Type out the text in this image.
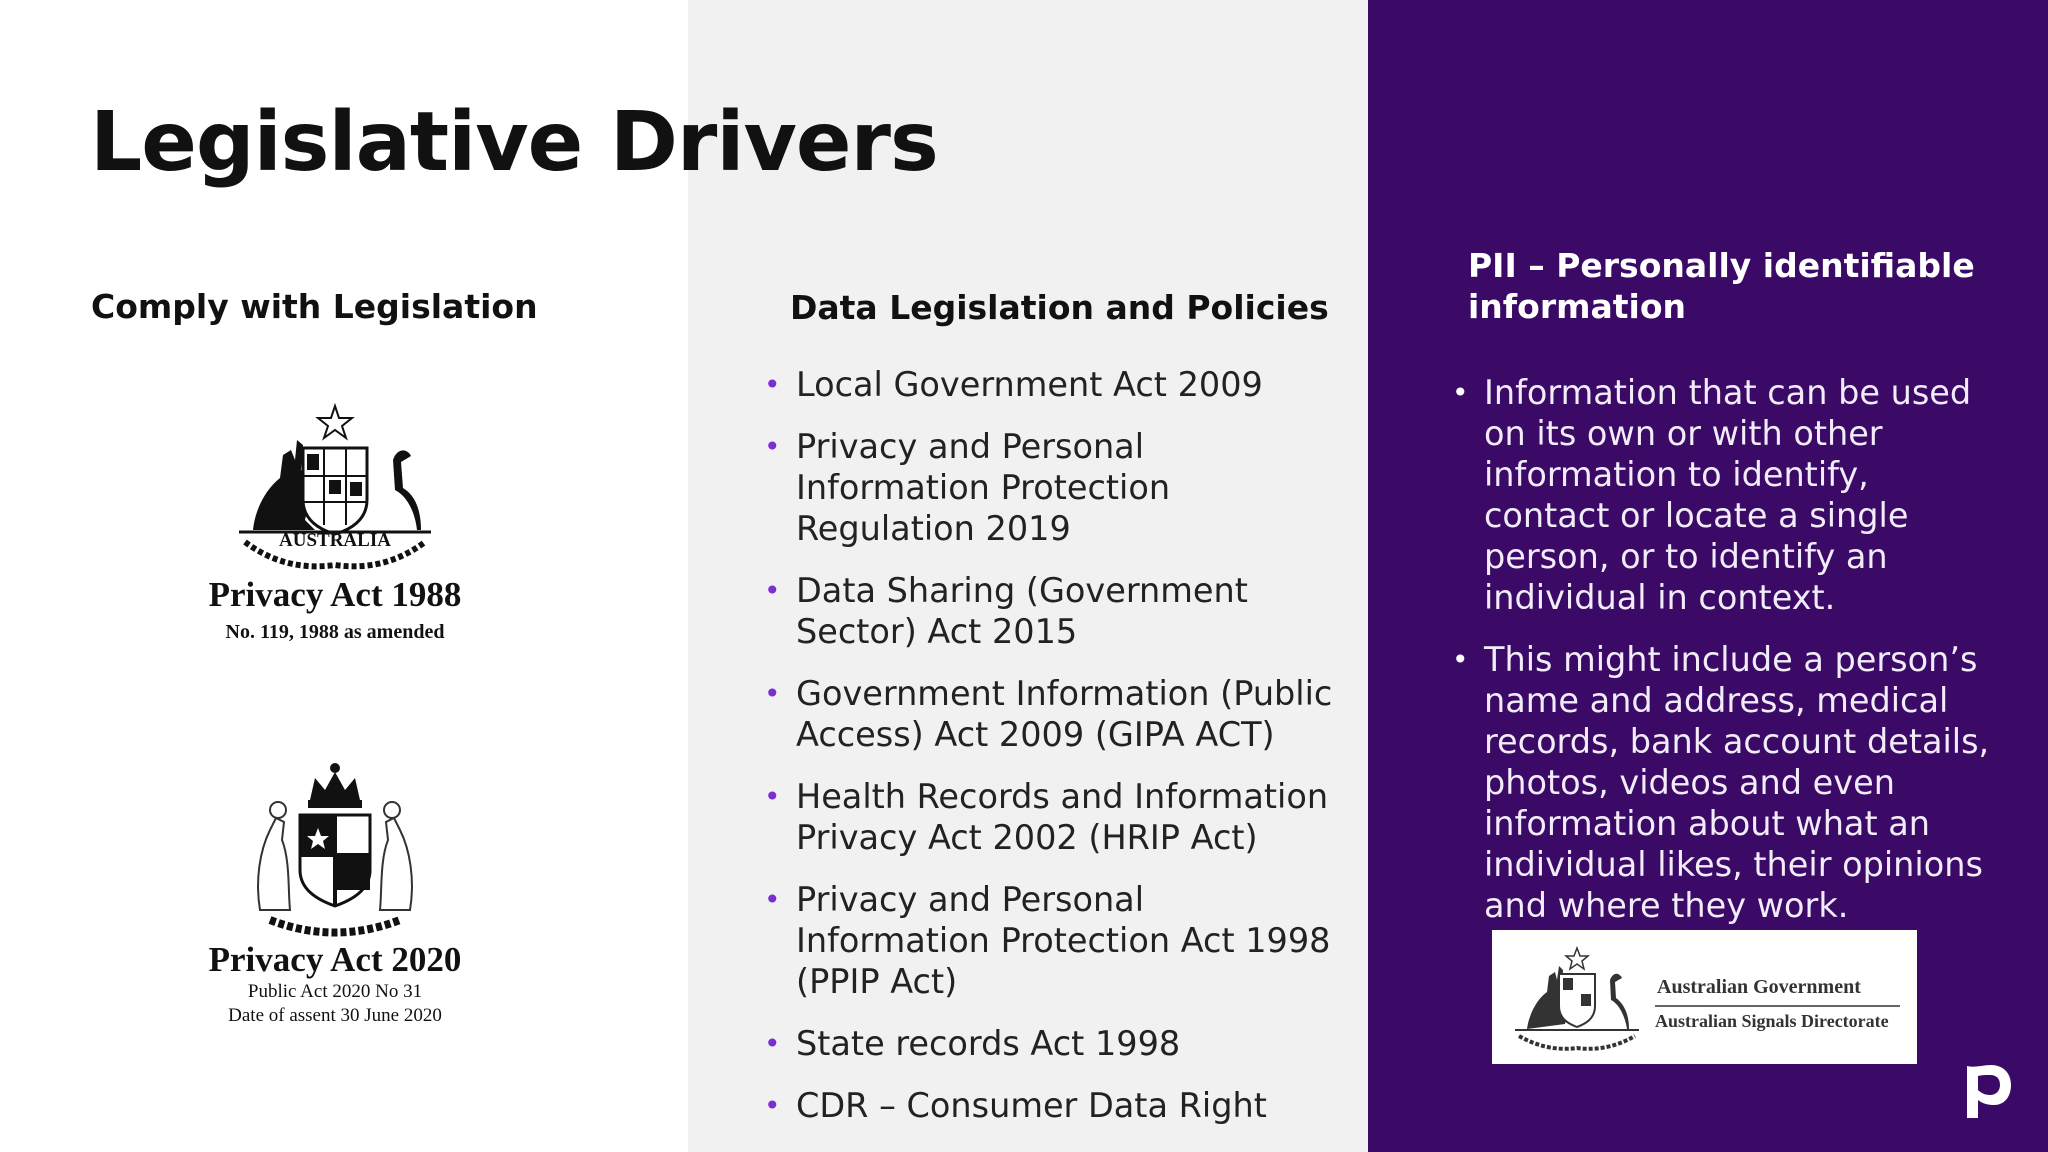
Legislative Drivers
Comply with Legislation
AUSTRALIA
Privacy Act 1988
No. 119, 1988 as amended
Privacy Act 2020
Public Act 2020 No 31
Date of assent 30 June 2020
Data Legislation and Policies
• Local Government Act 2009
• Privacy and Personal Information Protection Regulation 2019
• Data Sharing (Government Sector) Act 2015
• Government Information (Public Access) Act 2009 (GIPA ACT)
• Health Records and Information Privacy Act 2002 (HRIP Act)
• Privacy and Personal Information Protection Act 1998 (PPIP Act)
• State records Act 1998
• CDR – Consumer Data Right
PII – Personally identifiable information
• Information that can be used on its own or with other information to identify, contact or locate a single person, or to identify an individual in context.
• This might include a person’s name and address, medical records, bank account details, photos, videos and even information about what an individual likes, their opinions and where they work.
Australian Government
Australian Signals Directorate
